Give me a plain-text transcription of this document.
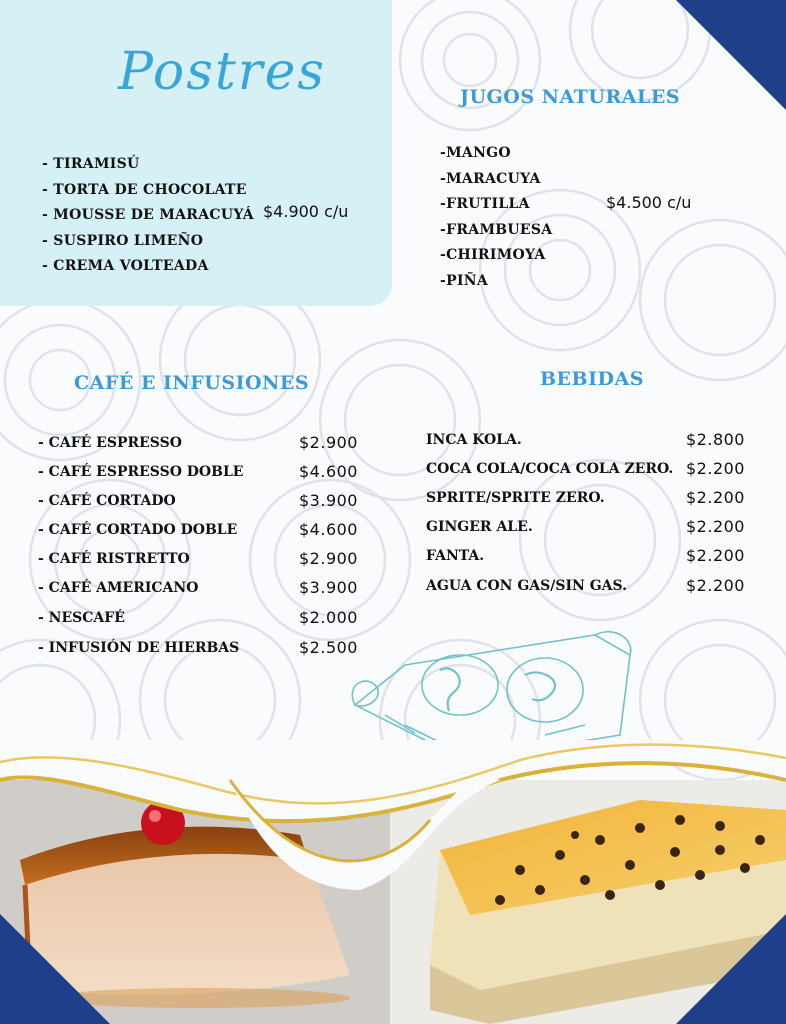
Postres
- TIRAMISÚ
- TORTA DE CHOCOLATE
- MOUSSE DE MARACUYÁ
- SUSPIRO LIMEÑO
- CREMA VOLTEADA
$4.900 c/u
JUGOS NATURALES
-MANGO
-MARACUYA
-FRUTILLA
-FRAMBUESA
-CHIRIMOYA
-PIÑA
$4.500 c/u
CAFÉ E INFUSIONES
- CAFÉ ESPRESSO	$2.900
- CAFÉ ESPRESSO DOBLE	$4.600
- CAFÉ CORTADO	$3.900
- CAFÉ CORTADO DOBLE	$4.600
- CAFÉ RISTRETTO	$2.900
- CAFÉ AMERICANO	$3.900
- NESCAFÉ	$2.000
- INFUSIÓN DE HIERBAS	$2.500
BEBIDAS
INCA KOLA.	$2.800
COCA COLA/COCA COLA ZERO. $2.200
SPRITE/SPRITE ZERO.	$2.200
GINGER ALE.	$2.200
FANTA.	$2.200
AGUA CON GAS/SIN GAS.	$2.200
